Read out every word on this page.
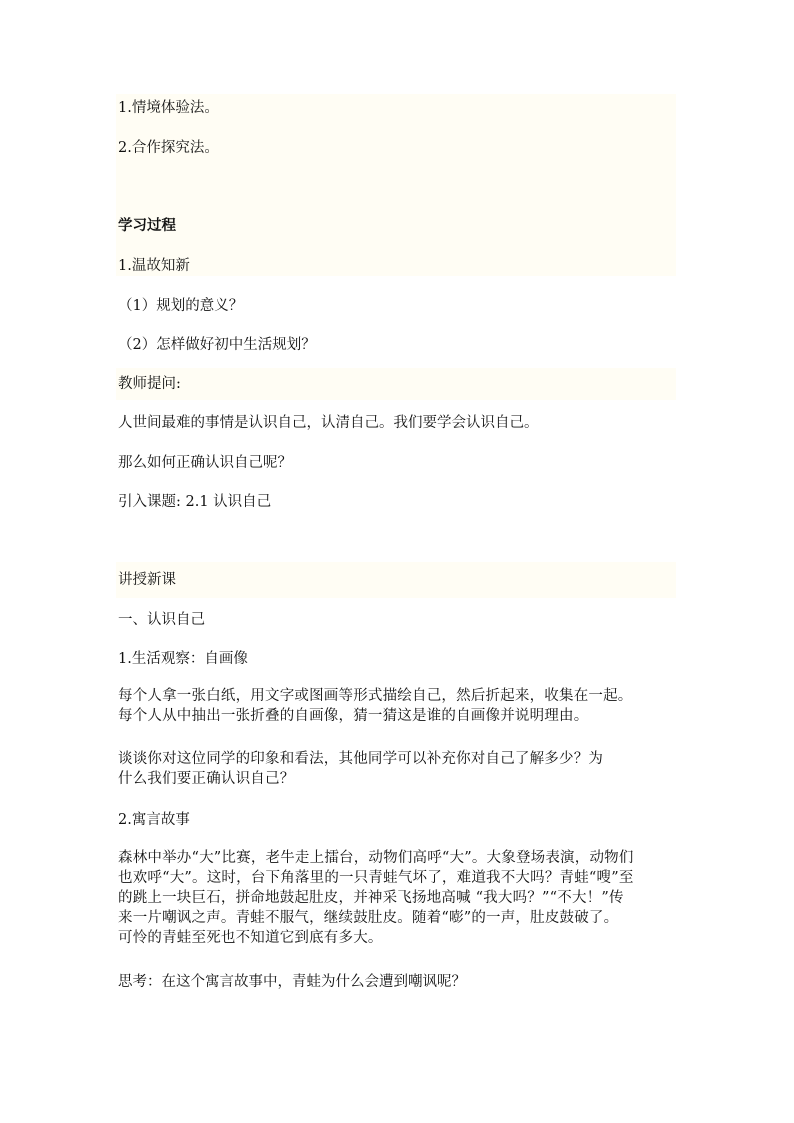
1.情境体验法。
2.合作探究法。
学习过程
1.温故知新
（1）规划的意义？
（2）怎样做好初中生活规划？
教师提问:
人世间最难的事情是认识自己，认清自己。我们要学会认识自己。
那么如何正确认识自己呢？
引入课题: 2.1 认识自己
讲授新课
一、认识自己
1.生活观察：自画像
每个人拿一张白纸，用文字或图画等形式描绘自己，然后折起来，收集在一起。
每个人从中抽出一张折叠的自画像，猜一猜这是谁的自画像并说明理由。
谈谈你对这位同学的印象和看法，其他同学可以补充你对自己了解多少？为
什么我们要正确认识自己？
2.寓言故事
森林中举办“大”比赛，老牛走上擂台，动物们高呼“大”。大象登场表演，动物们
也欢呼“大”。这时，台下角落里的一只青蛙气坏了，难道我不大吗？青蛙“嗖”至
的跳上一块巨石，拼命地鼓起肚皮，并神采飞扬地高喊 “我大吗？”“不大！”传
来一片嘲讽之声。青蛙不服气，继续鼓肚皮。随着“嘭”的一声，肚皮鼓破了。
可怜的青蛙至死也不知道它到底有多大。
思考：在这个寓言故事中，青蛙为什么会遭到嘲讽呢？
